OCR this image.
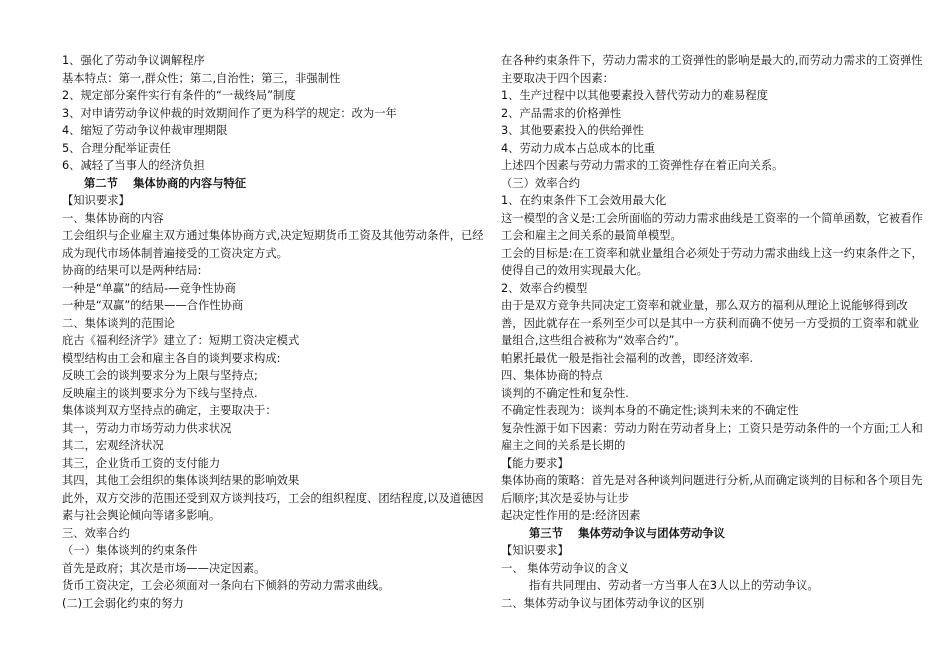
1、强化了劳动争议调解程序
基本特点：第一,群众性；第二,自治性；第三，非强制性
2、规定部分案件实行有条件的“一裁终局”制度
3、对申请劳动争议仲裁的时效期间作了更为科学的规定：改为一年
4、缩短了劳动争议仲裁审理期限
5、合理分配举证责任
6、减轻了当事人的经济负担
第二节　 集体协商的内容与特征
【知识要求】
一、集体协商的内容
工会组织与企业雇主双方通过集体协商方式,决定短期货币工资及其他劳动条件，已经成为现代市场体制普遍接受的工资决定方式。
协商的结果可以是两种结局:
一种是“单赢”的结局-—竞争性协商
一种是“双赢”的结果——合作性协商
二、集体谈判的范围论
庇古《福利经济学》建立了：短期工资决定模式
模型结构由工会和雇主各自的谈判要求构成:
反映工会的谈判要求分为上限与坚持点;
反映雇主的谈判要求分为下线与坚持点.
集体谈判双方坚持点的确定，主要取决于：
其一，劳动力市场劳动力供求状况
其二，宏观经济状况
其三，企业货币工资的支付能力
其四，其他工会组织的集体谈判结果的影响效果
此外，双方交涉的范围还受到双方谈判技巧，工会的组织程度、团结程度,以及道德因素与社会舆论倾向等诸多影响。
三、效率合约
（一）集体谈判的约束条件
首先是政府；其次是市场——决定因素。
货币工资决定，工会必须面对一条向右下倾斜的劳动力需求曲线。
(二)工会弱化约束的努力
在各种约束条件下，劳动力需求的工资弹性的影响是最大的,而劳动力需求的工资弹性主要取决于四个因素：
1、生产过程中以其他要素投入替代劳动力的难易程度
2、产品需求的价格弹性
3、其他要素投入的供给弹性
4、劳动力成本占总成本的比重
上述四个因素与劳动力需求的工资弹性存在着正向关系。
（三）效率合约
1、在约束条件下工会效用最大化
这一模型的含义是:工会所面临的劳动力需求曲线是工资率的一个简单函数，它被看作工会和雇主之间关系的最简单模型。
工会的目标是:在工资率和就业量组合必须处于劳动力需求曲线上这一约束条件之下，使得自己的效用实现最大化。
2、效率合约模型
由于是双方竞争共同决定工资率和就业量，那么双方的福利从理论上说能够得到改善，因此就存在一系列至少可以是其中一方获利而确不使另一方受损的工资率和就业量组合,这些组合被称为“效率合约”。
帕累托最优一般是指社会福利的改善，即经济效率.
四、集体协商的特点
谈判的不确定性和复杂性.
不确定性表现为：谈判本身的不确定性;谈判未来的不确定性
复杂性源于如下因素：劳动力附在劳动者身上；工资只是劳动条件的一个方面;工人和雇主之间的关系是长期的
【能力要求】
集体协商的策略：首先是对各种谈判问题进行分析,从而确定谈判的目标和各个项目先后顺序;其次是妥协与让步
起决定性作用的是:经济因素
第三节　 集体劳动争议与团体劳动争议
【知识要求】
一、 集体劳动争议的含义
指有共同理由、劳动者一方当事人在3人以上的劳动争议。
二、集体劳动争议与团体劳动争议的区别
